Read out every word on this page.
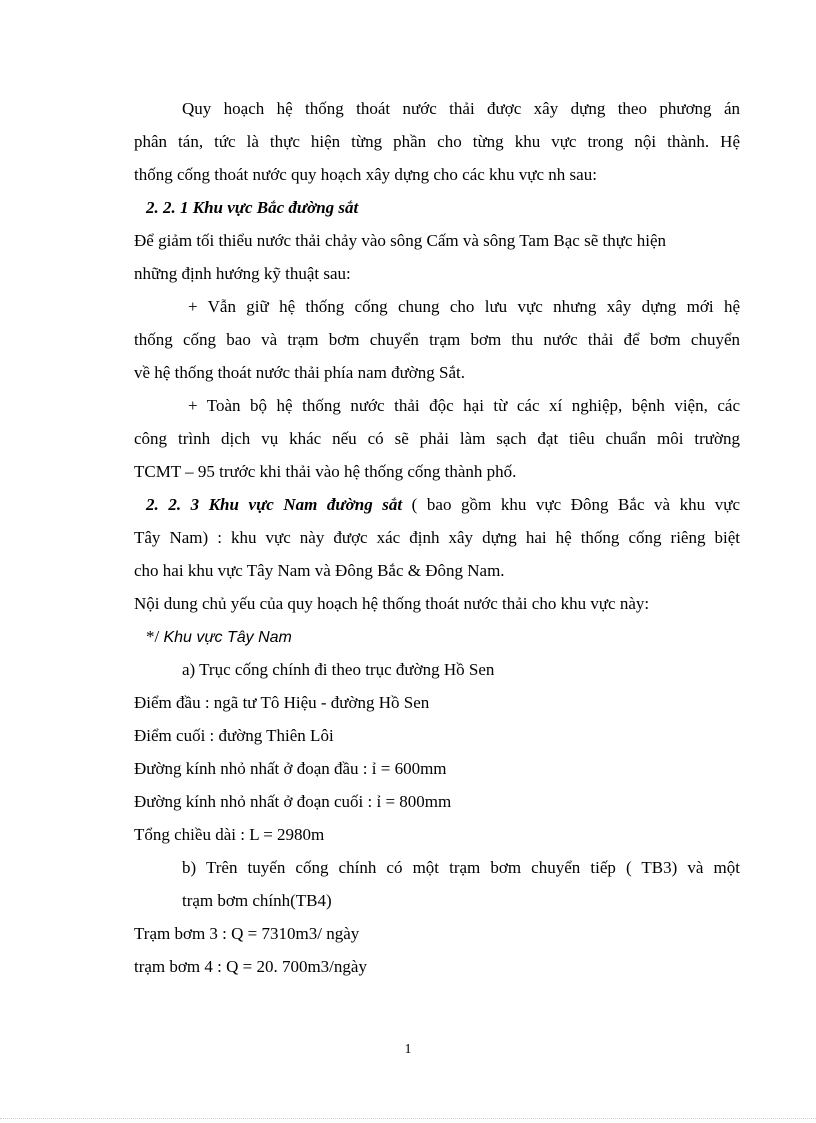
Quy hoạch hệ thống thoát nước thải được xây dựng theo phương án
phân tán, tức là thực hiện từng phần cho từng khu vực trong nội thành. Hệ
thống cống thoát nước quy hoạch xây dựng cho các khu vực nh sau:
2. 2. 1 Khu vực Bắc đường sắt
Để giảm tối thiểu nước thải chảy vào sông Cấm và sông Tam Bạc sẽ thực hiện
những định hướng kỹ thuật sau:
+ Vẫn giữ hệ thống cống chung cho lưu vực nhưng xây dựng mới hệ
thống cống bao và trạm bơm chuyển trạm bơm thu nước thải để bơm chuyển
về hệ thống thoát nước thải phía nam đường Sắt.
+ Toàn bộ hệ thống nước thải độc hại từ các xí nghiệp, bệnh viện, các
công trình dịch vụ khác nếu có sẽ phải làm sạch đạt tiêu chuẩn môi trường
TCMT – 95 trước khi thải vào hệ thống cống thành phố.
2. 2. 3 Khu vực Nam đường sắt ( bao gồm khu vực Đông Bắc và khu vực
Tây Nam) : khu vực này được xác định xây dựng hai hệ thống cống riêng biệt
cho hai khu vực Tây Nam và Đông Bắc & Đông Nam.
Nội dung chủ yếu của quy hoạch hệ thống thoát nước thải cho khu vực này:
*/ Khu vực Tây Nam
a) Trục cống chính đi theo trục đường Hồ Sen
Điểm đầu : ngã tư Tô Hiệu - đường Hồ Sen
Điểm cuối : đường Thiên Lôi
Đường kính nhỏ nhất ở đoạn đầu : ỉ = 600mm
Đường kính nhỏ nhất ở đoạn cuối : ỉ = 800mm
Tổng chiều dài : L = 2980m
b) Trên tuyến cống chính có một trạm bơm chuyển tiếp ( TB3) và một
trạm bơm chính(TB4)
Trạm bơm 3 : Q = 7310m3/ ngày
trạm bơm 4 : Q = 20. 700m3/ngày
1
